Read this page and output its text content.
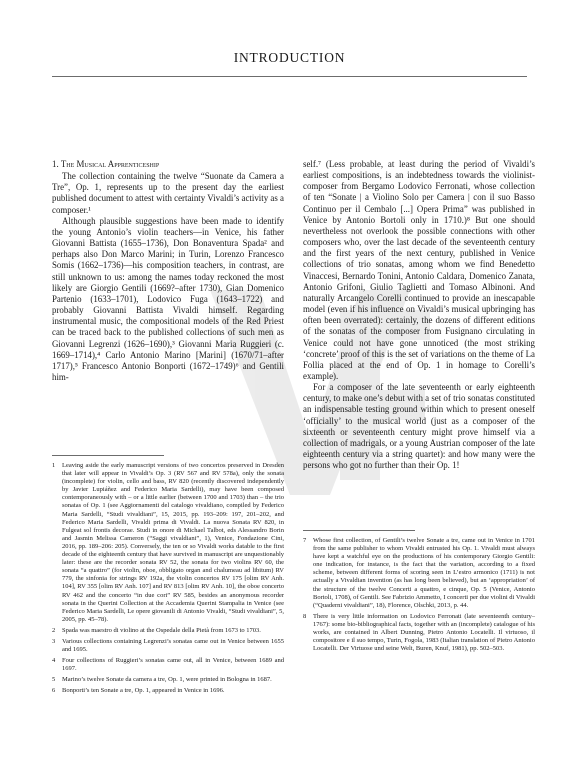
INTRODUCTION
1. The Musical Apprenticeship

The collection containing the twelve “Suonate da Camera a Tre”, Op. 1, represents up to the present day the earliest published document to attest with certainty Vivaldi’s activity as a composer.¹

Although plausible suggestions have been made to identify the young Antonio’s violin teachers—in Venice, his father Giovanni Battista (1655–1736), Don Bonaventura Spada² and perhaps also Don Marco Marini; in Turin, Lorenzo Francesco Somis (1662–1736)—his composition teachers, in contrast, are still unknown to us: among the names today reckoned the most likely are Giorgio Gentili (1669?–after 1730), Gian Domenico Partenio (1633–1701), Lodovico Fuga (1643–1722) and probably Giovanni Battista Vivaldi himself. Regarding instrumental music, the compositional models of the Red Priest can be traced back to the published collections of such men as Giovanni Legrenzi (1626–1690),³ Giovanni Maria Ruggieri (c. 1669–1714),⁴ Carlo Antonio Marino [Marini] (1670/71–after 1717),⁵ Francesco Antonio Bonporti (1672–1749)⁶ and Gentili him-

self.⁷ (Less probable, at least during the period of Vivaldi’s earliest compositions, is an indebtedness towards the violinist-composer from Bergamo Lodovico Ferronati, whose collection of ten “Sonate | a Violino Solo per Camera | con il suo Basso Continuo per il Cembalo [...] Opera Prima” was published in Venice by Antonio Bortoli only in 1710.)⁸ But one should nevertheless not overlook the possible connections with other composers who, over the last decade of the seventeenth century and the first years of the next century, published in Venice collections of trio sonatas, among whom we find Benedetto Vinaccesi, Bernardo Tonini, Antonio Caldara, Domenico Zanata, Antonio Grifoni, Giulio Taglietti and Tomaso Albinoni. And naturally Arcangelo Corelli continued to provide an inescapable model (even if his influence on Vivaldi’s musical upbringing has often been overrated): certainly, the dozens of different editions of the sonatas of the composer from Fusignano circulating in Venice could not have gone unnoticed (the most striking ‘concrete’ proof of this is the set of variations on the theme of La Follia placed at the end of Op. 1 in homage to Corelli’s example).

For a composer of the late seventeenth or early eighteenth century, to make one’s debut with a set of trio sonatas constituted an indispensable testing ground within which to present oneself ‘officially’ to the musical world (just as a composer of the sixteenth or seventeenth century might prove himself via a collection of madrigals, or a young Austrian composer of the late eighteenth century via a string quartet): and how many were the persons who got no further than their Op. 1!

1 Leaving aside the early manuscript versions of two concertos preserved in Dresden that later will appear in Vivaldi’s Op. 3 (RV 567 and RV 578a), only the sonata (incomplete) for violin, cello and bass, RV 820 (recently discovered independently by Javier Lupiáñez and Federico Maria Sardelli), may have been composed contemporaneously with – or a little earlier (between 1700 and 1703) than – the trio sonatas of Op. 1 (see Aggiornamenti del catalogo vivaldiano, compiled by Federico Maria Sardelli, “Studi vivaldiani”, 15, 2015, pp. 193–209: 197, 201–202, and Federico Maria Sardelli, Vivaldi prima di Vivaldi. La nuova Sonata RV 820, in Fulgeat sol frontis decorae. Studi in onore di Michael Talbot, eds Alessandro Borin and Jasmin Melissa Cameron (“Saggi vivaldiani”, 1), Venice, Fondazione Cini, 2016, pp. 189–206: 205). Conversely, the ten or so Vivaldi works datable to the first decade of the eighteenth century that have survived in manuscript are unquestionably later: these are the recorder sonata RV 52, the sonata for two violins RV 60, the sonata “a quattro” (for violin, oboe, obbligato organ and chalumeau ad libitum) RV 779, the sinfonia for strings RV 192a, the violin concertos RV 175 [olim RV Anh. 104], RV 355 [olim RV Anh. 107] and RV 813 [olim RV Anh. 10], the oboe concerto RV 462 and the concerto “in due cori” RV 585, besides an anonymous recorder sonata in the Querini Collection at the Accademia Querini Stampalia in Venice (see Federico Maria Sardelli, Le opere giovanili di Antonio Vivaldi, “Studi vivaldiani”, 5, 2005, pp. 45–78).
2 Spada was maestro di violino at the Ospedale della Pietà from 1673 to 1703.
3 Various collections containing Legrenzi’s sonatas came out in Venice between 1655 and 1695.
4 Four collections of Ruggieri’s sonatas came out, all in Venice, between 1689 and 1697.
5 Marino’s twelve Sonate da camera a tre, Op. 1, were printed in Bologna in 1687.
6 Bonporti’s ten Sonate a tre, Op. 1, appeared in Venice in 1696.
7 Whose first collection, of Gentili’s twelve Sonate a tre, came out in Venice in 1701 from the same publisher to whom Vivaldi entrusted his Op. 1. Vivaldi must always have kept a watchful eye on the productions of his contemporary Giorgio Gentili: one indication, for instance, is the fact that the variation, according to a fixed scheme, between different forms of scoring seen in L’estro armonico (1711) is not actually a Vivaldian invention (as has long been believed), but an ‘appropriation’ of the structure of the twelve Concerti a quattro, e cinque, Op. 5 (Venice, Antonio Bortoli, 1708), of Gentili. See Fabrizio Ammetto, I concerti per due violini di Vivaldi (“Quaderni vivaldiani”, 18), Florence, Olschki, 2013, p. 44.
8 There is very little information on Lodovico Ferronati (late seventeenth century–1767): some bio-bibliographical facts, together with an (incomplete) catalogue of his works, are contained in Albert Dunning, Pietro Antonio Locatelli. Il virtuoso, il compositore e il suo tempo, Turin, Fogola, 1983 (Italian translation of Pietro Antonio Locatelli. Der Virtuose und seine Welt, Buren, Knuf, 1981), pp. 502–503.
